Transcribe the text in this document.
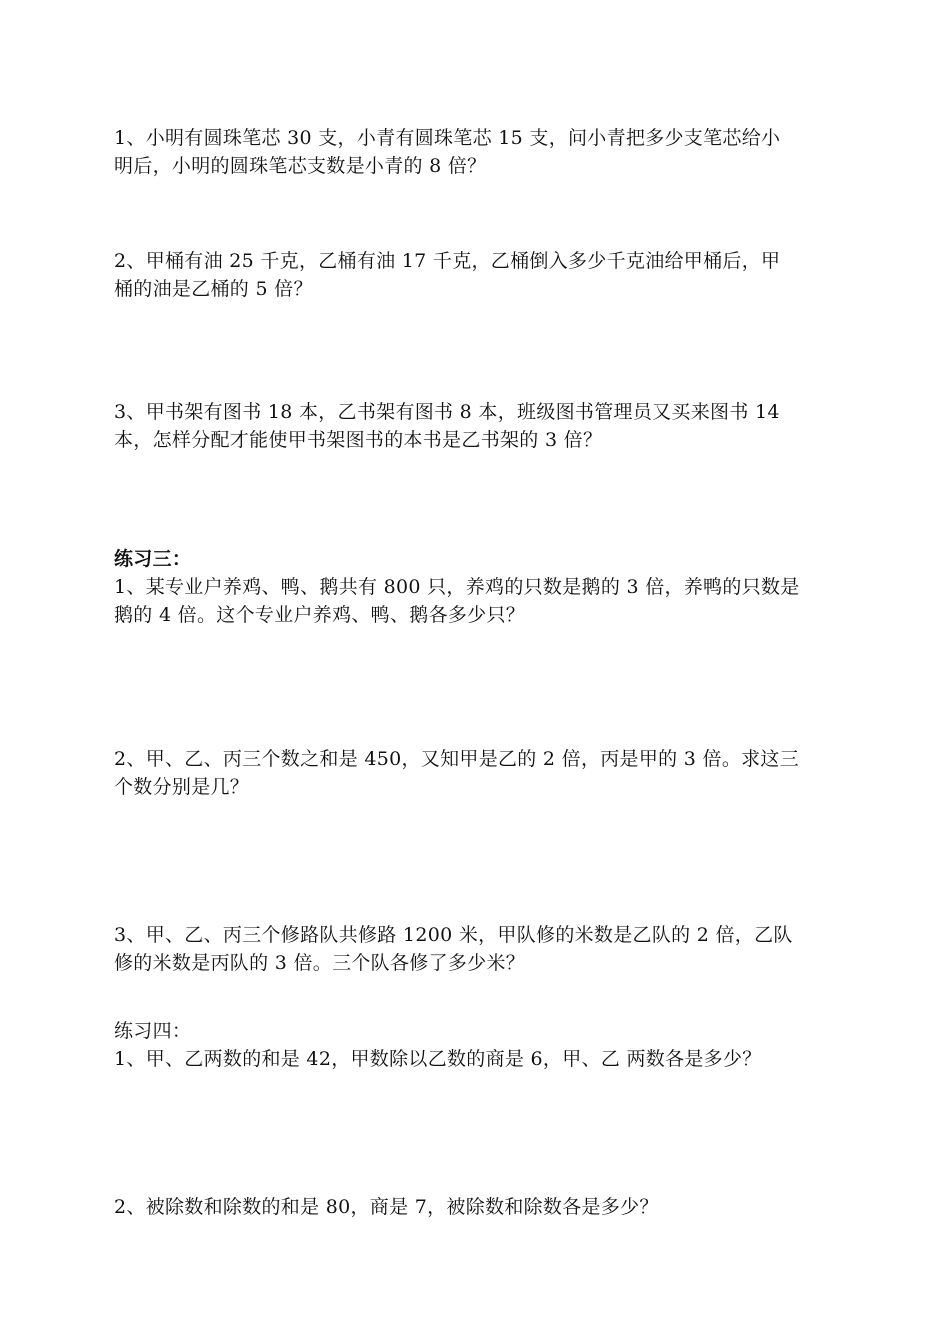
1、小明有圆珠笔芯 30 支，小青有圆珠笔芯 15 支，问小青把多少支笔芯给小

明后，小明的圆珠笔芯支数是小青的 8 倍？

2、甲桶有油 25 千克，乙桶有油 17 千克，乙桶倒入多少千克油给甲桶后，甲

桶的油是乙桶的 5 倍？

3、甲书架有图书 18 本，乙书架有图书 8 本，班级图书管理员又买来图书 14

本，怎样分配才能使甲书架图书的本书是乙书架的 3 倍？

练习三：

1、某专业户养鸡、鸭、鹅共有 800 只，养鸡的只数是鹅的 3 倍，养鸭的只数是

鹅的 4 倍。这个专业户养鸡、鸭、鹅各多少只？

2、甲、乙、丙三个数之和是 450，又知甲是乙的 2 倍，丙是甲的 3 倍。求这三

个数分别是几？

3、甲、乙、丙三个修路队共修路 1200 米，甲队修的米数是乙队的 2 倍，乙队

修的米数是丙队的 3 倍。三个队各修了多少米？

练习四：

1、甲、乙两数的和是 42，甲数除以乙数的商是 6，甲、乙 两数各是多少？

2、被除数和除数的和是 80，商是 7，被除数和除数各是多少？
